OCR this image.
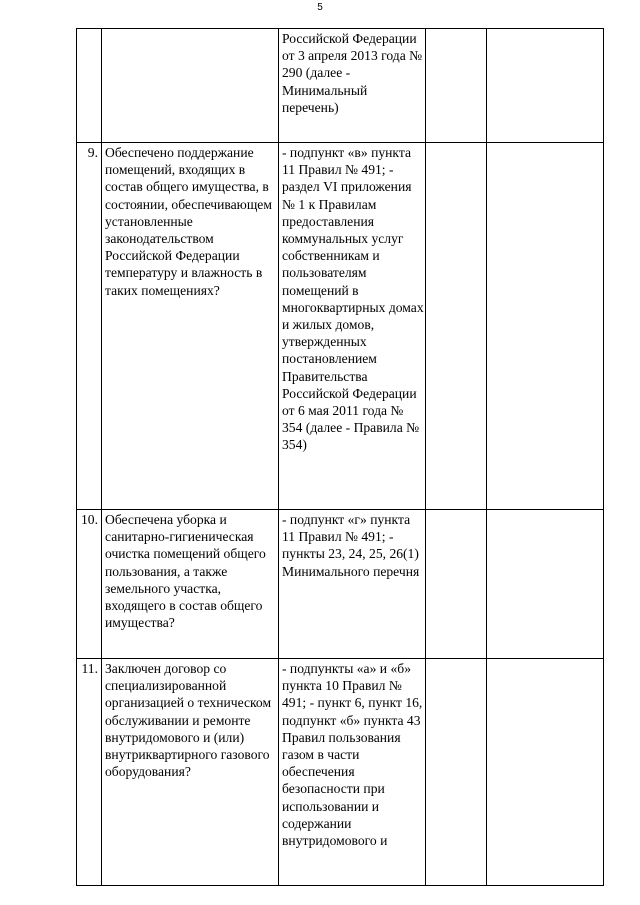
5

		Российской Федерации от 3 апреля 2013 года № 290 (далее - Минимальный перечень)		

9.	Обеспечено поддержание помещений, входящих в состав общего имущества, в состоянии, обеспечивающем установленные законодательством Российской Федерации температуру и влажность в таких помещениях?	- подпункт «в» пункта 11 Правил № 491; - раздел VI приложения № 1 к Правилам предоставления коммунальных услуг собственникам и пользователям помещений в многоквартирных домах и жилых домов, утвержденных постановлением Правительства Российской Федерации от 6 мая 2011 года № 354 (далее - Правила № 354)		

10.	Обеспечена уборка и санитарно-гигиеническая очистка помещений общего пользования, а также земельного участка, входящего в состав общего имущества?	- подпункт «г» пункта 11 Правил № 491; - пункты 23, 24, 25, 26(1) Минимального перечня		

11.	Заключен договор со специализированной организацией о техническом обслуживании и ремонте внутридомового и (или) внутриквартирного газового оборудования?	- подпункты «а» и «б» пункта 10 Правил № 491; - пункт 6, пункт 16, подпункт «б» пункта 43 Правил пользования газом в части обеспечения безопасности при использовании и содержании внутридомового и		
